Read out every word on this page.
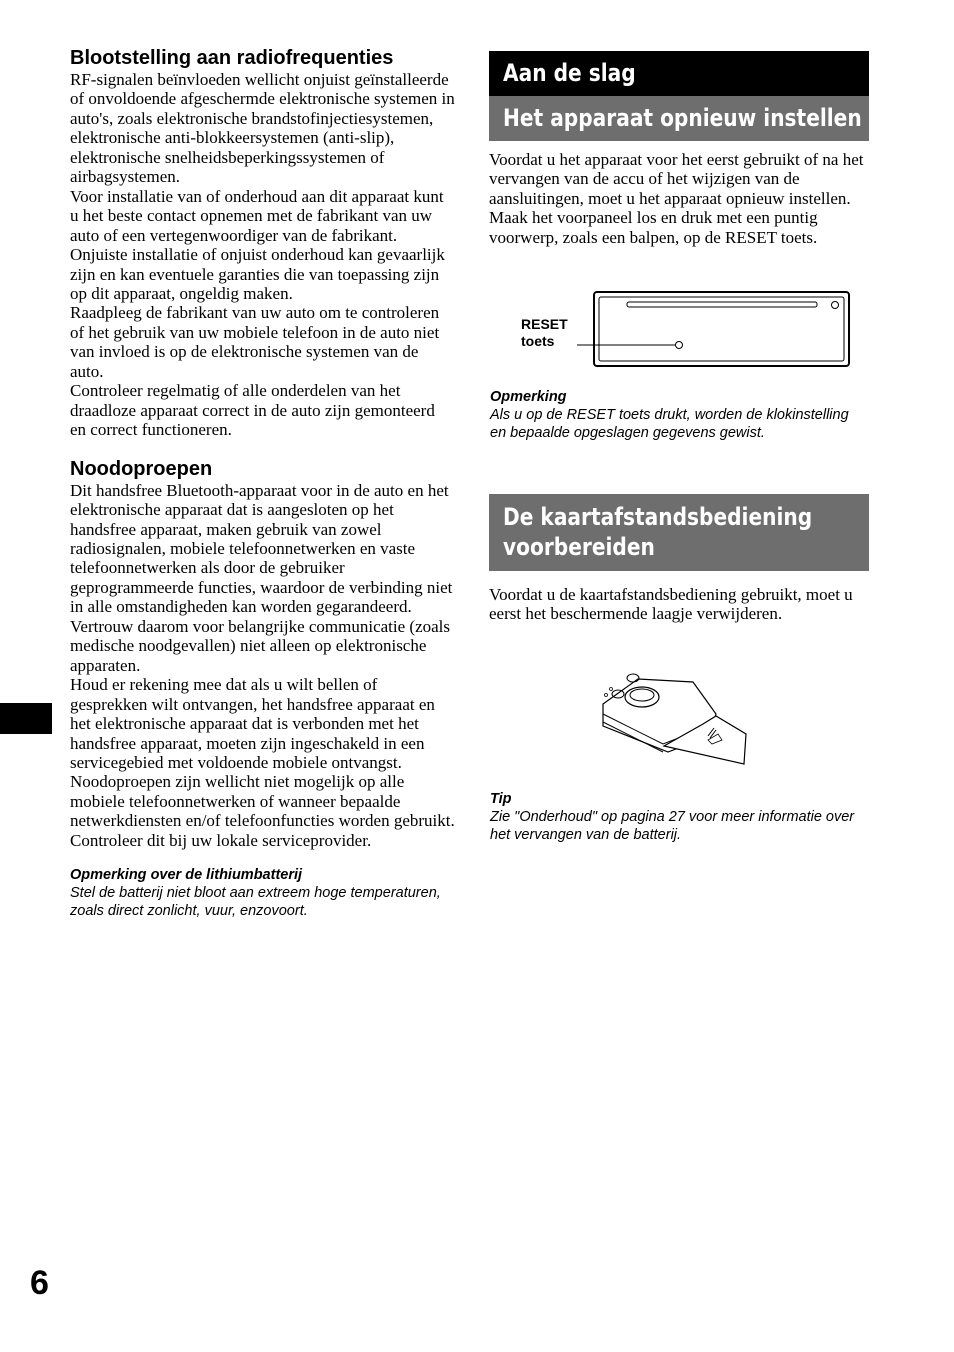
Blootstelling aan radiofrequenties

RF-signalen beïnvloeden wellicht onjuist geïnstalleerde of onvoldoende afgeschermde elektronische systemen in auto's, zoals elektronische brandstofinjectiesystemen, elektronische anti-blokkeersystemen (anti-slip), elektronische snelheidsbeperkingssystemen of airbagsystemen.

Voor installatie van of onderhoud aan dit apparaat kunt u het beste contact opnemen met de fabrikant van uw auto of een vertegenwoordiger van de fabrikant. Onjuiste installatie of onjuist onderhoud kan gevaarlijk zijn en kan eventuele garanties die van toepassing zijn op dit apparaat, ongeldig maken.

Raadpleeg de fabrikant van uw auto om te controleren of het gebruik van uw mobiele telefoon in de auto niet van invloed is op de elektronische systemen van de auto.

Controleer regelmatig of alle onderdelen van het draadloze apparaat correct in de auto zijn gemonteerd en correct functioneren.

Noodoproepen

Dit handsfree Bluetooth-apparaat voor in de auto en het elektronische apparaat dat is aangesloten op het handsfree apparaat, maken gebruik van zowel radiosignalen, mobiele telefoonnetwerken en vaste telefoonnetwerken als door de gebruiker geprogrammeerde functies, waardoor de verbinding niet in alle omstandigheden kan worden gegarandeerd.

Vertrouw daarom voor belangrijke communicatie (zoals medische noodgevallen) niet alleen op elektronische apparaten.

Houd er rekening mee dat als u wilt bellen of gesprekken wilt ontvangen, het handsfree apparaat en het elektronische apparaat dat is verbonden met het handsfree apparaat, moeten zijn ingeschakeld in een servicegebied met voldoende mobiele ontvangst.

Noodoproepen zijn wellicht niet mogelijk op alle mobiele telefoonnetwerken of wanneer bepaalde netwerkdiensten en/of telefoonfuncties worden gebruikt.

Controleer dit bij uw lokale serviceprovider.

Opmerking over de lithiumbatterij

Stel de batterij niet bloot aan extreem hoge temperaturen, zoals direct zonlicht, vuur, enzovoort.

Aan de slag
Het apparaat opnieuw instellen

Voordat u het apparaat voor het eerst gebruikt of na het vervangen van de accu of het wijzigen van de aansluitingen, moet u het apparaat opnieuw instellen.

Maak het voorpaneel los en druk met een puntig voorwerp, zoals een balpen, op de RESET toets.

RESET
toets

Opmerking

Als u op de RESET toets drukt, worden de klokinstelling en bepaalde opgeslagen gegevens gewist.

De kaartafstandsbediening
voorbereiden

Voordat u de kaartafstandsbediening gebruikt, moet u eerst het beschermende laagje verwijderen.

Tip

Zie "Onderhoud" op pagina 27 voor meer informatie over het vervangen van de batterij.

6
